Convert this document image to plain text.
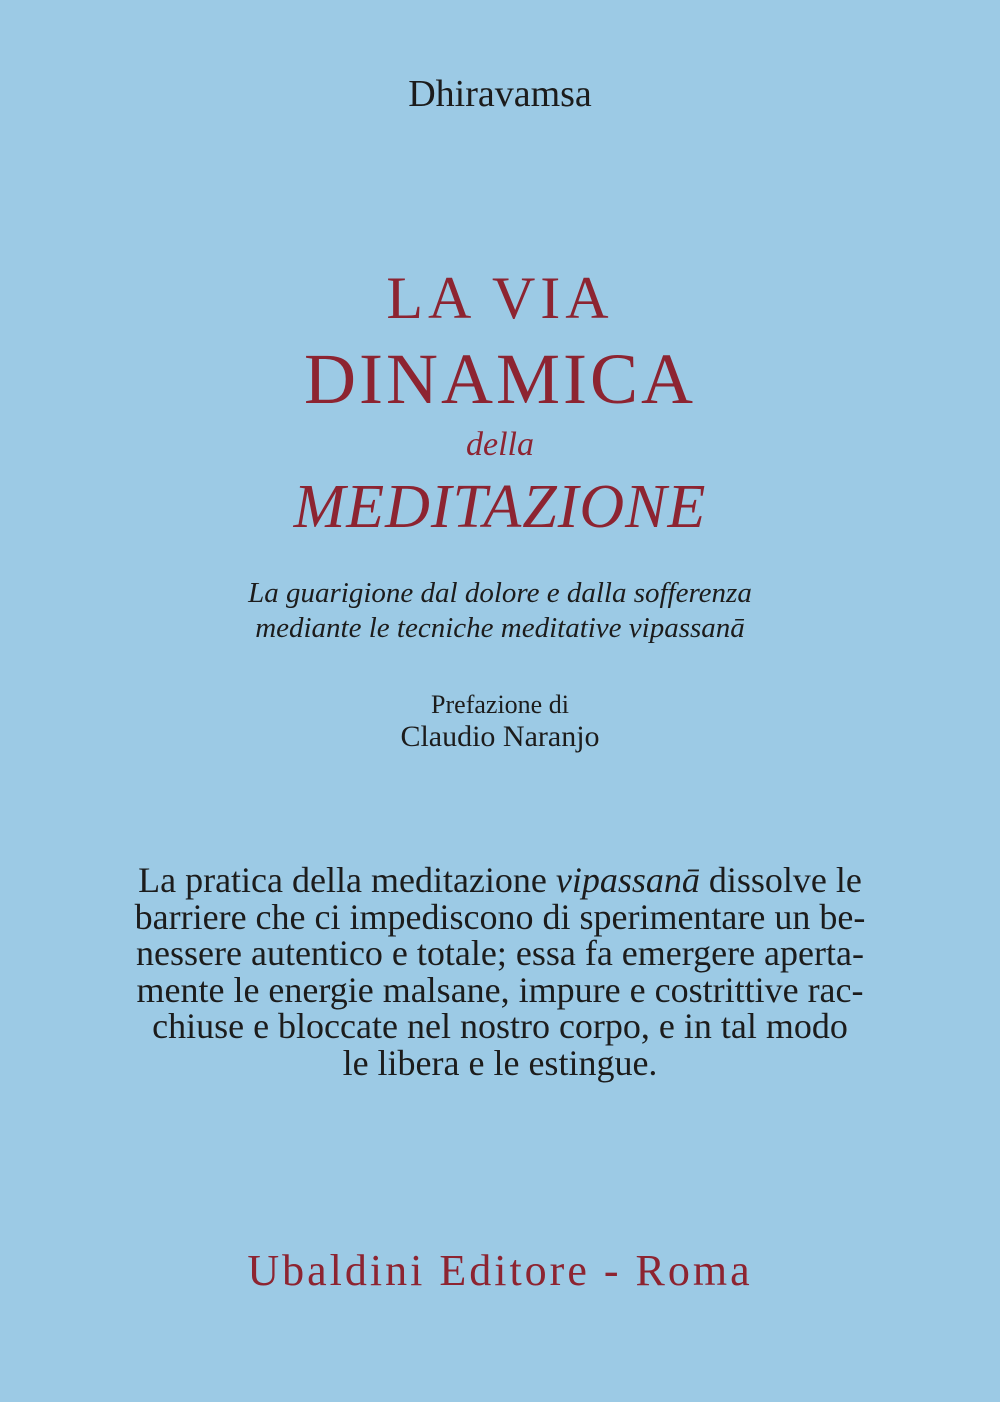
Dhiravamsa

LA VIA

DINAMICA

della

MEDITAZIONE

La guarigione dal dolore e dalla sofferenza

mediante le tecniche meditative vipassanā

Prefazione di

Claudio Naranjo

La pratica della meditazione vipassanā dissolve le
barriere che ci impediscono di sperimentare un be-
nessere autentico e totale; essa fa emergere aperta-
mente le energie malsane, impure e costrittive rac-
chiuse e bloccate nel nostro corpo, e in tal modo
le libera e le estingue.

Ubaldini Editore - Roma
